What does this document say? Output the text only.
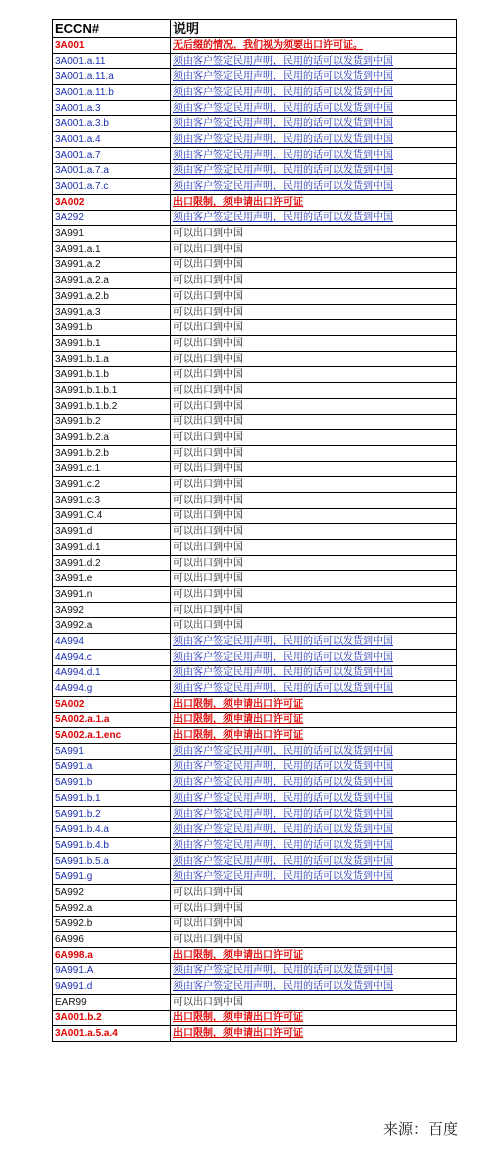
ECCN#	说明
3A001	无后缀的情况，我们视为须要出口许可证。
3A001.a.11	须由客户签定民用声明，民用的话可以发货到中国
3A001.a.11.a	须由客户签定民用声明，民用的话可以发货到中国
3A001.a.11.b	须由客户签定民用声明，民用的话可以发货到中国
3A001.a.3	须由客户签定民用声明，民用的话可以发货到中国
3A001.a.3.b	须由客户签定民用声明，民用的话可以发货到中国
3A001.a.4	须由客户签定民用声明，民用的话可以发货到中国
3A001.a.7	须由客户签定民用声明，民用的话可以发货到中国
3A001.a.7.a	须由客户签定民用声明，民用的话可以发货到中国
3A001.a.7.c	须由客户签定民用声明，民用的话可以发货到中国
3A002	出口限制，须申请出口许可证
3A292	须由客户签定民用声明，民用的话可以发货到中国
3A991	可以出口到中国
3A991.a.1	可以出口到中国
3A991.a.2	可以出口到中国
3A991.a.2.a	可以出口到中国
3A991.a.2.b	可以出口到中国
3A991.a.3	可以出口到中国
3A991.b	可以出口到中国
3A991.b.1	可以出口到中国
3A991.b.1.a	可以出口到中国
3A991.b.1.b	可以出口到中国
3A991.b.1.b.1	可以出口到中国
3A991.b.1.b.2	可以出口到中国
3A991.b.2	可以出口到中国
3A991.b.2.a	可以出口到中国
3A991.b.2.b	可以出口到中国
3A991.c.1	可以出口到中国
3A991.c.2	可以出口到中国
3A991.c.3	可以出口到中国
3A991.C.4	可以出口到中国
3A991.d	可以出口到中国
3A991.d.1	可以出口到中国
3A991.d.2	可以出口到中国
3A991.e	可以出口到中国
3A991.n	可以出口到中国
3A992	可以出口到中国
3A992.a	可以出口到中国
4A994	须由客户签定民用声明，民用的话可以发货到中国
4A994.c	须由客户签定民用声明，民用的话可以发货到中国
4A994.d.1	须由客户签定民用声明，民用的话可以发货到中国
4A994.g	须由客户签定民用声明，民用的话可以发货到中国
5A002	出口限制，须申请出口许可证
5A002.a.1.a	出口限制，须申请出口许可证
5A002.a.1.enc	出口限制，须申请出口许可证
5A991	须由客户签定民用声明，民用的话可以发货到中国
5A991.a	须由客户签定民用声明，民用的话可以发货到中国
5A991.b	须由客户签定民用声明，民用的话可以发货到中国
5A991.b.1	须由客户签定民用声明，民用的话可以发货到中国
5A991.b.2	须由客户签定民用声明，民用的话可以发货到中国
5A991.b.4.a	须由客户签定民用声明，民用的话可以发货到中国
5A991.b.4.b	须由客户签定民用声明，民用的话可以发货到中国
5A991.b.5.a	须由客户签定民用声明，民用的话可以发货到中国
5A991.g	须由客户签定民用声明，民用的话可以发货到中国
5A992	可以出口到中国
5A992.a	可以出口到中国
5A992.b	可以出口到中国
6A996	可以出口到中国
6A998.a	出口限制，须申请出口许可证
9A991.A	须由客户签定民用声明，民用的话可以发货到中国
9A991.d	须由客户签定民用声明，民用的话可以发货到中国
EAR99	可以出口到中国
3A001.b.2	出口限制，须申请出口许可证
3A001.a.5.a.4	出口限制，须申请出口许可证
来源：百度
